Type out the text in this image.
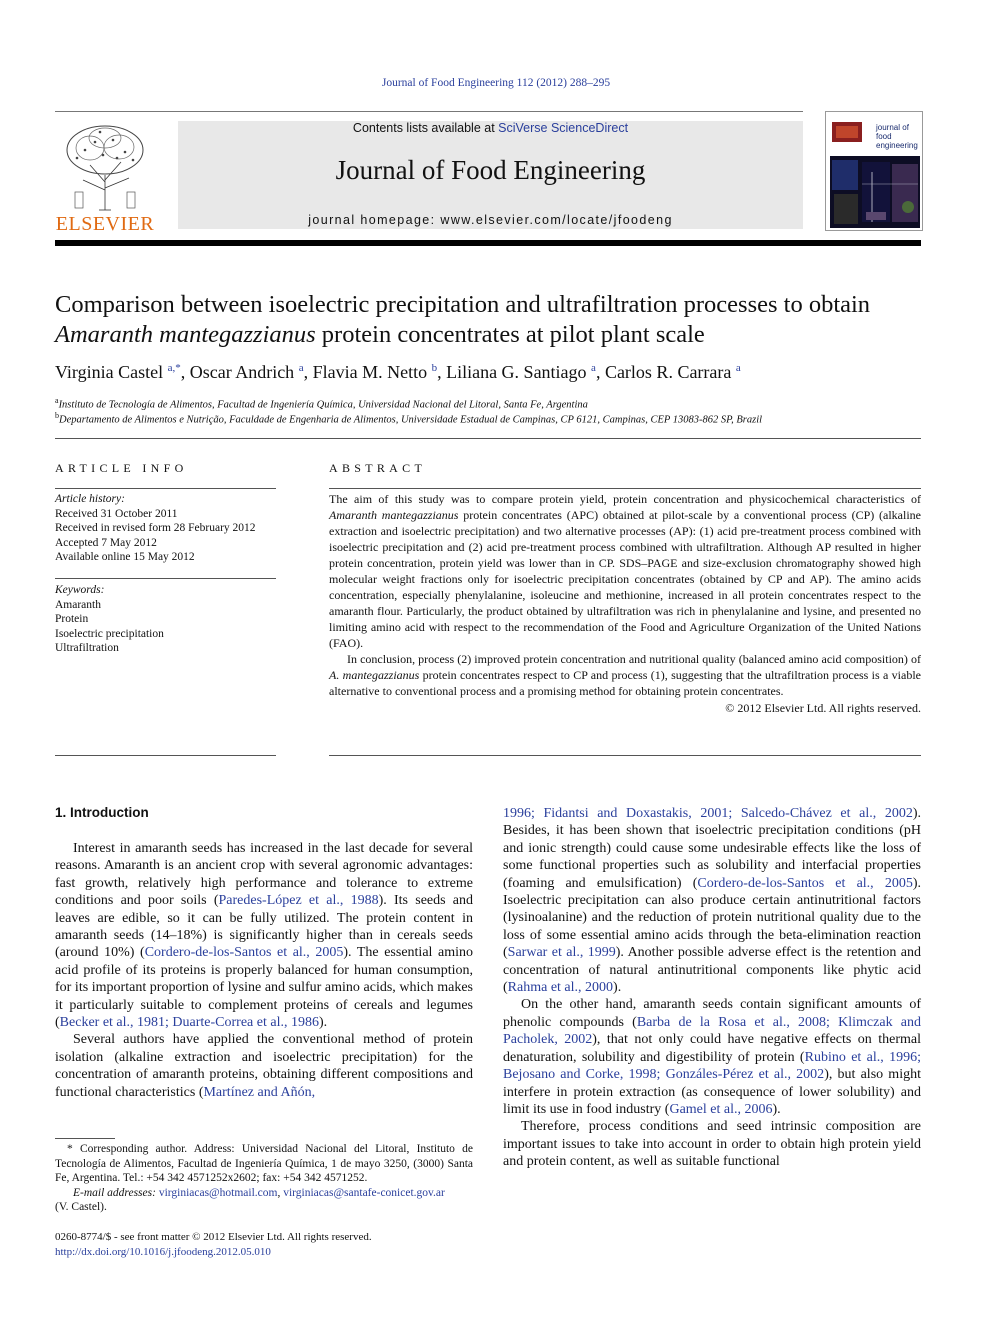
Journal of Food Engineering 112 (2012) 288–295
ELSEVIER
Contents lists available at SciVerse ScienceDirect
Journal of Food Engineering
journal homepage: www.elsevier.com/locate/jfoodeng
journal of
food engineering
Comparison between isoelectric precipitation and ultrafiltration processes to obtain
Amaranth mantegazzianus protein concentrates at pilot plant scale
Virginia Castel $^{a,*}$, Oscar Andrich $^a$, Flavia M. Netto $^b$, Liliana G. Santiago $^a$, Carlos R. Carrara $^a$
$^a$Instituto de Tecnología de Alimentos, Facultad de Ingeniería Química, Universidad Nacional del Litoral, Santa Fe, Argentina
$^b$Departamento de Alimentos e Nutrição, Faculdade de Engenharia de Alimentos, Universidade Estadual de Campinas, CP 6121, Campinas, CEP 13083-862 SP, Brazil
ARTICLE INFO
Article history:
Received 31 October 2011
Received in revised form 28 February 2012
Accepted 7 May 2012
Available online 15 May 2012
Keywords:
Amaranth
Protein
Isoelectric precipitation
Ultrafiltration
ABSTRACT

The aim of this study was to compare protein yield, protein concentration and physicochemical characteristics of Amaranth mantegazzianus protein concentrates (APC) obtained at pilot-scale by a conventional process (CP) (alkaline extraction and isoelectric precipitation) and two alternative processes (AP): (1) acid pre-treatment process combined with isoelectric precipitation and (2) acid pre-treatment process combined with ultrafiltration. Although AP resulted in higher protein concentration, protein yield was lower than in CP. SDS–PAGE and size-exclusion chromatography showed high molecular weight fractions only for isoelectric precipitation concentrates (obtained by CP and AP). The amino acids concentration, especially phenylalanine, isoleucine and methionine, increased in all protein concentrates respect to the amaranth flour. Particularly, the product obtained by ultrafiltration was rich in phenylalanine and lysine, and presented no limiting amino acid with respect to the recommendation of the Food and Agriculture Organization of the United Nations (FAO).

In conclusion, process (2) improved protein concentration and nutritional quality (balanced amino acid composition) of A. mantegazzianus protein concentrates respect to CP and process (1), suggesting that the ultrafiltration process is a viable alternative to conventional process and a promising method for obtaining protein concentrates.

© 2012 Elsevier Ltd. All rights reserved.

1. Introduction

Interest in amaranth seeds has increased in the last decade for several reasons. Amaranth is an ancient crop with several agronomic advantages: fast growth, relatively high performance and tolerance to extreme conditions and poor soils (Paredes-López et al., 1988). Its seeds and leaves are edible, so it can be fully utilized. The protein content in amaranth seeds (14–18%) is significantly higher than in cereals seeds (around 10%) (Cordero-de-los-Santos et al., 2005). The essential amino acid profile of its proteins is properly balanced for human consumption, for its important proportion of lysine and sulfur amino acids, which makes it particularly suitable to complement proteins of cereals and legumes (Becker et al., 1981; Duarte-Correa et al., 1986).

Several authors have applied the conventional method of protein isolation (alkaline extraction and isoelectric precipitation) for the concentration of amaranth proteins, obtaining different compositions and functional characteristics (Martínez and Añón,

1996; Fidantsi and Doxastakis, 2001; Salcedo-Chávez et al., 2002). Besides, it has been shown that isoelectric precipitation conditions (pH and ionic strength) could cause some undesirable effects like the loss of some functional properties such as solubility and interfacial properties (foaming and emulsification) (Cordero-de-los-Santos et al., 2005). Isoelectric precipitation can also produce certain antinutritional factors (lysinoalanine) and the reduction of protein nutritional quality due to the loss of some essential amino acids through the beta-elimination reaction (Sarwar et al., 1999). Another possible adverse effect is the retention and concentration of natural antinutritional components like phytic acid (Rahma et al., 2000).

On the other hand, amaranth seeds contain significant amounts of phenolic compounds (Barba de la Rosa et al., 2008; Klimczak and Pacholek, 2002), that not only could have negative effects on thermal denaturation, solubility and digestibility of protein (Rubino et al., 1996; Bejosano and Corke, 1998; Gonzáles-Pérez et al., 2002), but also might interfere in protein extraction (as consequence of lower solubility) and limit its use in food industry (Gamel et al., 2006).

Therefore, process conditions and seed intrinsic composition are important issues to take into account in order to obtain high protein yield and protein content, as well as suitable functional

* Corresponding author. Address: Universidad Nacional del Litoral, Instituto de Tecnología de Alimentos, Facultad de Ingeniería Química, 1 de mayo 3250, (3000) Santa Fe, Argentina. Tel.: +54 342 4571252x2602; fax: +54 342 4571252.
E-mail addresses: virginiacas@hotmail.com, virginiacas@santafe-conicet.gov.ar
(V. Castel).
0260-8774/$ - see front matter © 2012 Elsevier Ltd. All rights reserved.
http://dx.doi.org/10.1016/j.jfoodeng.2012.05.010
